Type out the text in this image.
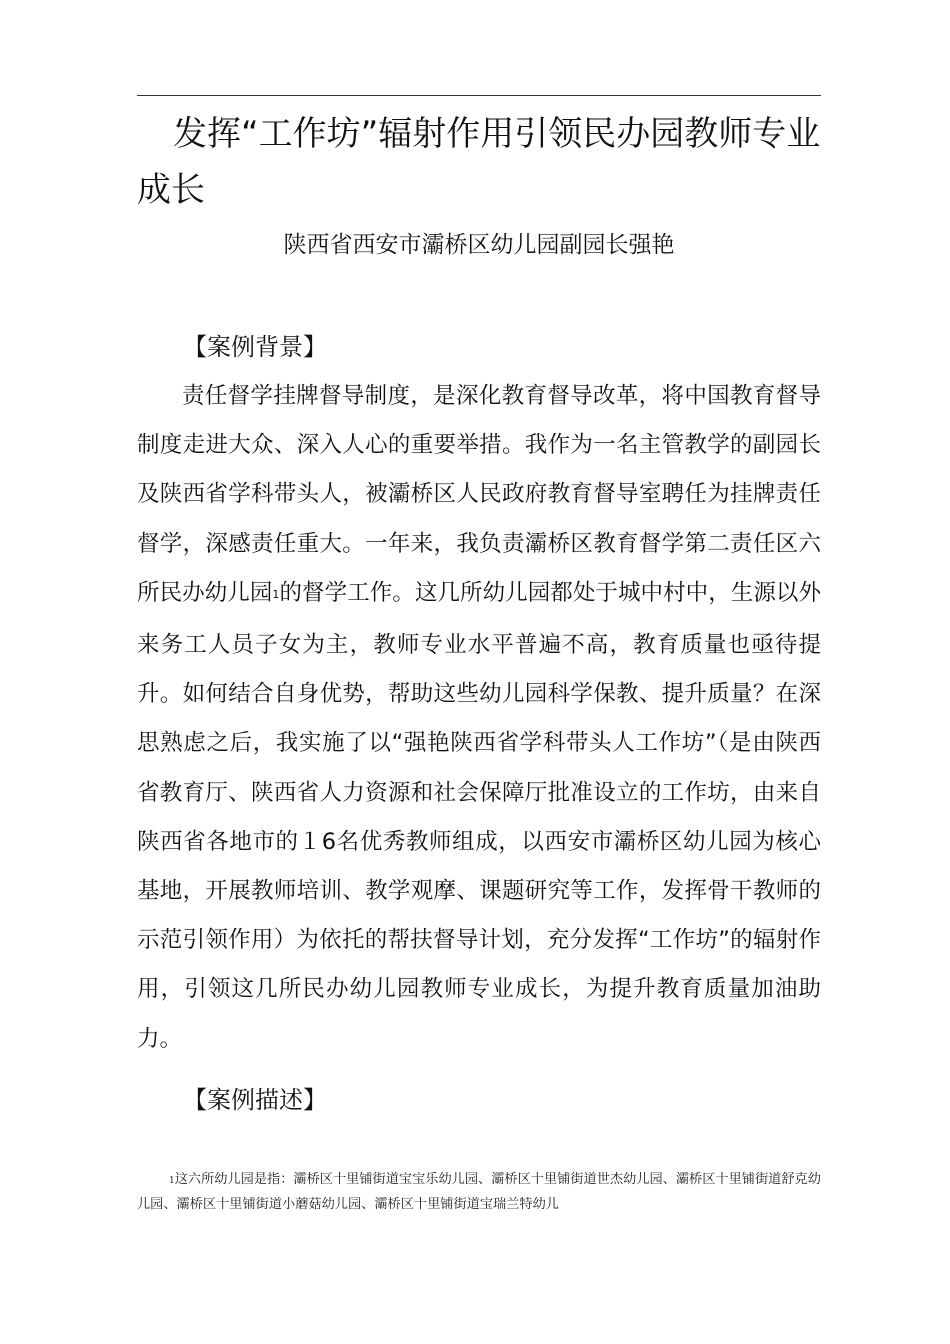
发挥“工作坊”辐射作用引领民办园教师专业成长

陕西省西安市灞桥区幼儿园副园长强艳

【案例背景】

责任督学挂牌督导制度，是深化教育督导改革，将中国教育督导制度走进大众、深入人心的重要举措。我作为一名主管教学的副园长及陕西省学科带头人，被灞桥区人民政府教育督导室聘任为挂牌责任督学，深感责任重大。一年来，我负责灞桥区教育督学第二责任区六所民办幼儿园1的督学工作。这几所幼儿园都处于城中村中，生源以外来务工人员子女为主，教师专业水平普遍不高，教育质量也亟待提升。如何结合自身优势，帮助这些幼儿园科学保教、提升质量？在深思熟虑之后，我实施了以“强艳陕西省学科带头人工作坊”（是由陕西省教育厅、陕西省人力资源和社会保障厅批准设立的工作坊，由来自陕西省各地市的１6名优秀教师组成，以西安市灞桥区幼儿园为核心基地，开展教师培训、教学观摩、课题研究等工作，发挥骨干教师的示范引领作用）为依托的帮扶督导计划，充分发挥“工作坊”的辐射作用，引领这几所民办幼儿园教师专业成长，为提升教育质量加油助力。

【案例描述】

1这六所幼儿园是指：灞桥区十里铺街道宝宝乐幼儿园、灞桥区十里铺街道世杰幼儿园、灞桥区十里铺街道舒克幼儿园、灞桥区十里铺街道小蘑菇幼儿园、灞桥区十里铺街道宝瑞兰特幼儿
